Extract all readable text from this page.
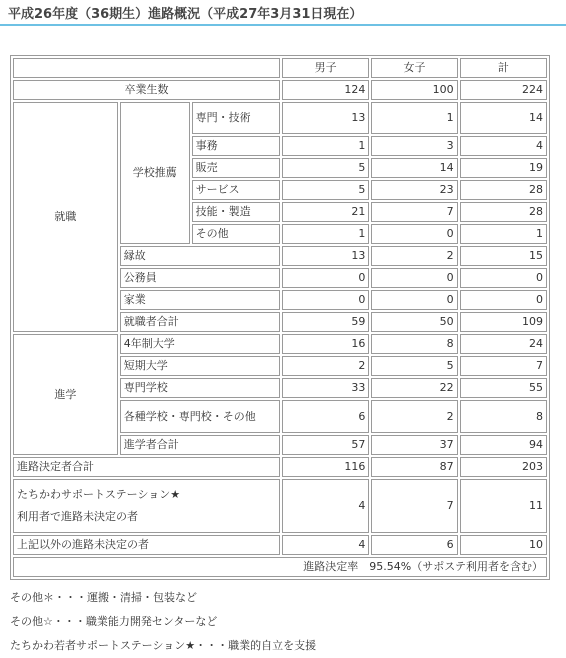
平成26年度（36期生）進路概況（平成27年3月31日現在）
			男子	女子	計
卒業生数			124	100	224
就職	学校推薦	専門・技術	13	1	14
		事務	1	3	4
		販売	5	14	19
		サービス	5	23	28
		技能・製造	21	7	28
		その他	1	0	1
	縁故		13	2	15
	公務員		0	0	0
	家業		0	0	0
	就職者合計		59	50	109
進学	4年制大学		16	8	24
	短期大学		2	5	7
	専門学校		33	22	55
	各種学校・専門校・その他		6	2	8
	進学者合計		57	37	94
進路決定者合計			116	87	203

たちかわサポートステーション★
利用者で進路未決定の者			4	7	11
上記以外の進路未決定の者			4	6	10
進路決定率　95.54%（サポステ利用者を含む）					
その他＊・・・運搬・清掃・包装など
その他☆・・・職業能力開発センターなど
たちかわ若者サポートステーション★・・・職業的自立を支援
